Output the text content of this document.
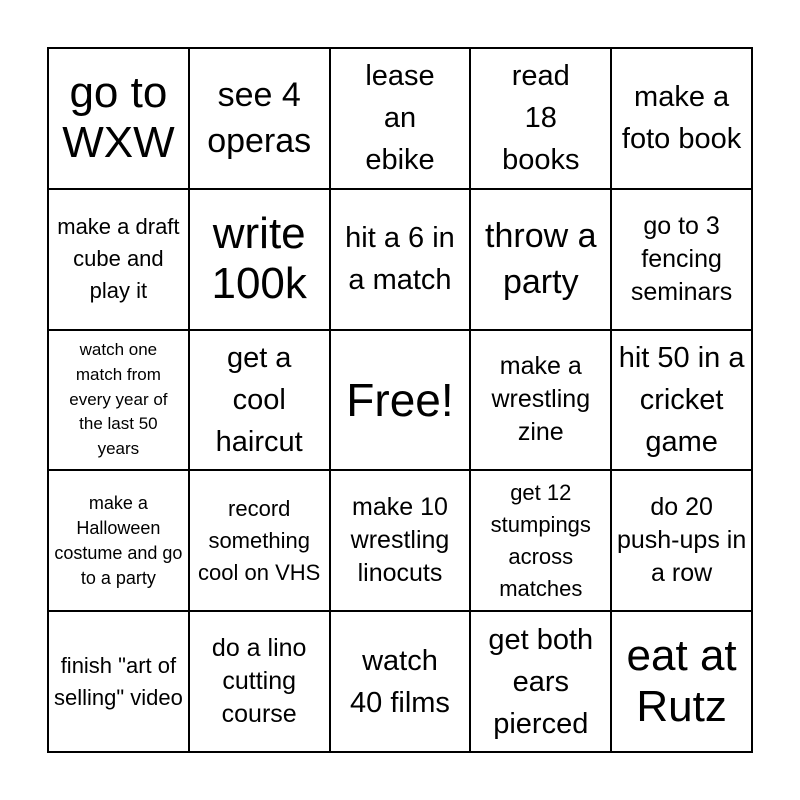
go to WXW
see 4 operas
lease an ebike
read 18 books
make a foto book
make a draft cube and play it
write 100k
hit a 6 in a match
throw a party
go to 3 fencing seminars
watch one match from every year of the last 50 years
get a cool haircut
Free!
make a wrestling zine
hit 50 in a cricket game
make a Halloween costume and go to a party
record something cool on VHS
make 10 wrestling linocuts
get 12 stumpings across matches
do 20 push-ups in a row
finish "art of selling" video
do a lino cutting course
watch 40 films
get both ears pierced
eat at Rutz
